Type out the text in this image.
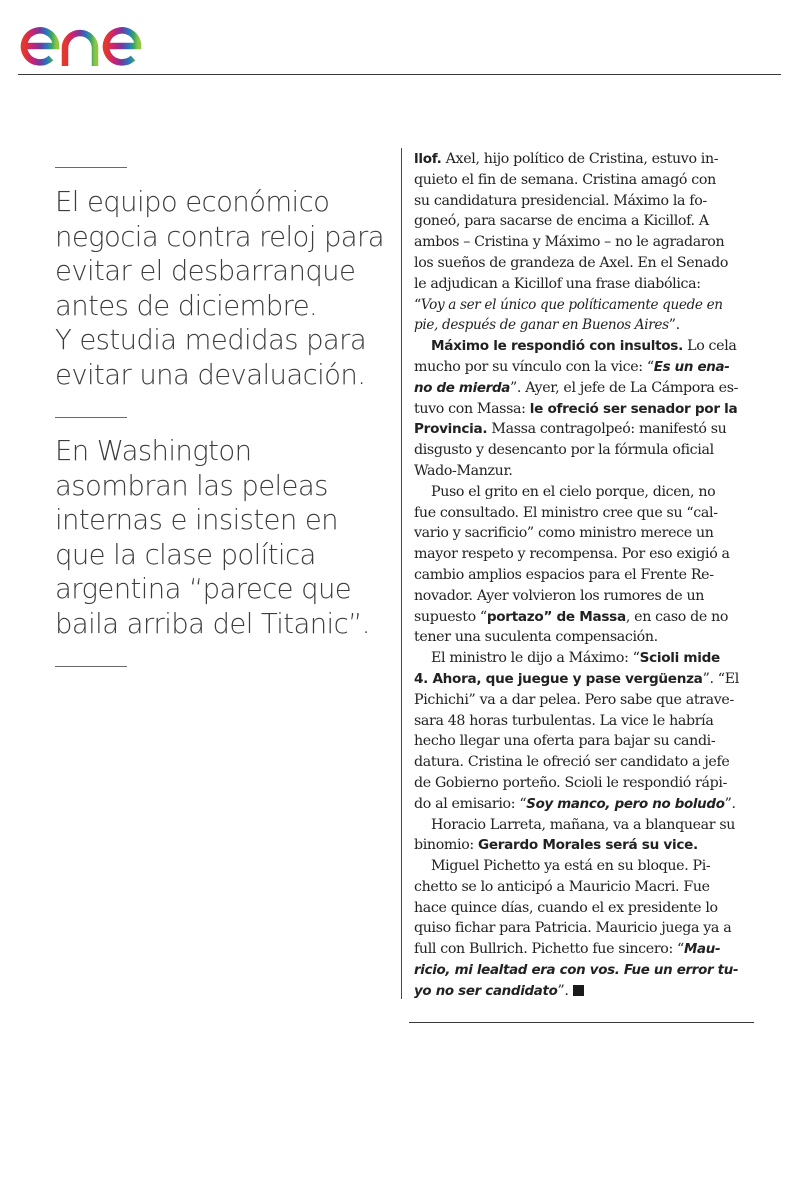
El equipo económico
negocia contra reloj para
evitar el desbarranque
antes de diciembre.
Y estudia medidas para
evitar una devaluación.
En Washington
asombran las peleas
internas e insisten en
que la clase política
argentina “parece que
baila arriba del Titanic”.
llof. Axel, hijo político de Cristina, estuvo in-
quieto el fin de semana. Cristina amagó con
su candidatura presidencial. Máximo la fo-
goneó, para sacarse de encima a Kicillof. A
ambos – Cristina y Máximo – no le agradaron
los sueños de grandeza de Axel. En el Senado
le adjudican a Kicillof una frase diabólica:
“Voy a ser el único que políticamente quede en
pie, después de ganar en Buenos Aires”.
Máximo le respondió con insultos. Lo cela
mucho por su vínculo con la vice: “Es un ena-
no de mierda”. Ayer, el jefe de La Cámpora es-
tuvo con Massa: le ofreció ser senador por la
Provincia. Massa contragolpeó: manifestó su
disgusto y desencanto por la fórmula oficial
Wado-Manzur.
Puso el grito en el cielo porque, dicen, no
fue consultado. El ministro cree que su “cal-
vario y sacrificio” como ministro merece un
mayor respeto y recompensa. Por eso exigió a
cambio amplios espacios para el Frente Re-
novador. Ayer volvieron los rumores de un
supuesto “portazo” de Massa, en caso de no
tener una suculenta compensación.
El ministro le dijo a Máximo: “Scioli mide
4. Ahora, que juegue y pase vergüenza”. “El
Pichichi” va a dar pelea. Pero sabe que atrave-
sara 48 horas turbulentas. La vice le habría
hecho llegar una oferta para bajar su candi-
datura. Cristina le ofreció ser candidato a jefe
de Gobierno porteño. Scioli le respondió rápi-
do al emisario: “Soy manco, pero no boludo”.
Horacio Larreta, mañana, va a blanquear su
binomio: Gerardo Morales será su vice.
Miguel Pichetto ya está en su bloque. Pi-
chetto se lo anticipó a Mauricio Macri. Fue
hace quince días, cuando el ex presidente lo
quiso fichar para Patricia. Mauricio juega ya a
full con Bullrich. Pichetto fue sincero: “Mau-
ricio, mi lealtad era con vos. Fue un error tu-
yo no ser candidato”.
